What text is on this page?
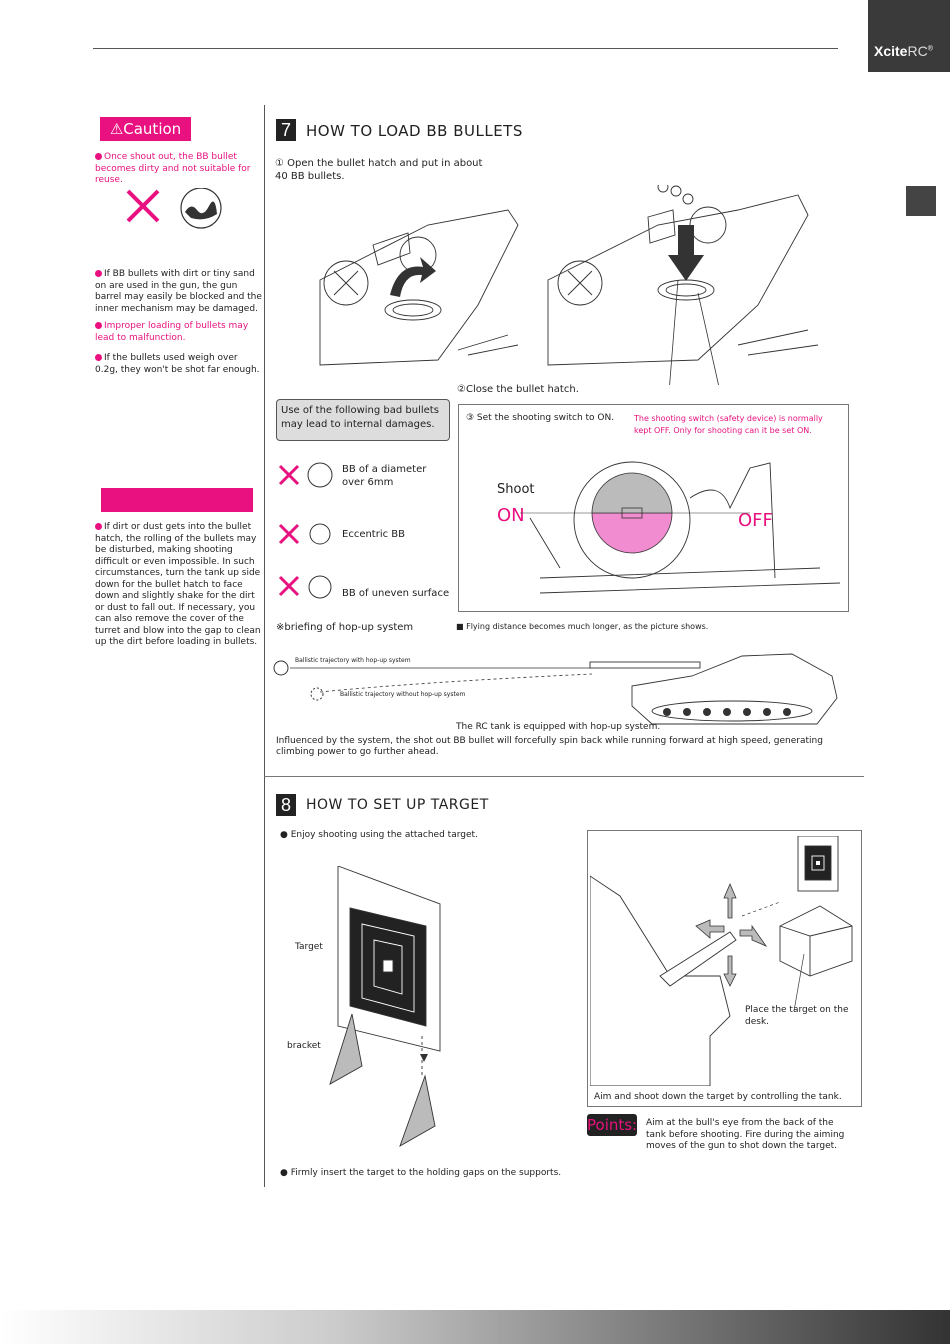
XciteRC®
⚠Caution
Once shout out, the BB bullet becomes dirty and not suitable for reuse.
If BB bullets with dirt or tiny sand on are used in the gun, the gun barrel may easily be blocked and the inner mechanism may be damaged.
Improper loading of bullets may lead to malfunction.
If the bullets used weigh over 0.2g, they won't be shot far enough.
If dirt or dust gets into the bullet hatch, the rolling of the bullets may be disturbed, making shooting difficult or even impossible. In such circumstances, turn the tank up side down for the bullet hatch to face down and slightly shake for the dirt or dust to fall out. If necessary, you can also remove the cover of the turret and blow into the gap to clean up the dirt before loading in bullets.
7	HOW TO LOAD BB BULLETS
① Open the bullet hatch and put in about 40 BB bullets.
②Close the bullet hatch.
Use of the following bad bullets may lead to internal damages.
BB of a diameter over 6mm
Eccentric BB
BB of uneven surface
③ Set the shooting switch to ON. The shooting switch (safety device) is normally kept OFF. Only for shooting can it be set ON.
Shoot
ON	OFF
※briefing of hop-up system	■ Flying distance becomes much longer, as the picture shows.
Ballistic trajectory with hop-up system
Ballistic trajectory without hop-up system
The RC tank is equipped with hop-up system.
Influenced by the system, the shot out BB bullet will forcefully spin back while running forward at high speed, generating climbing power to go further ahead.
8	HOW TO SET UP TARGET
● Enjoy shooting using the attached target.
Target
bracket
Place the target on the desk.
Aim and shoot down the target by controlling the tank.
Points: Aim at the bull's eye from the back of the tank before shooting. Fire during the aiming moves of the gun to shot down the target.
● Firmly insert the target to the holding gaps on the supports.
